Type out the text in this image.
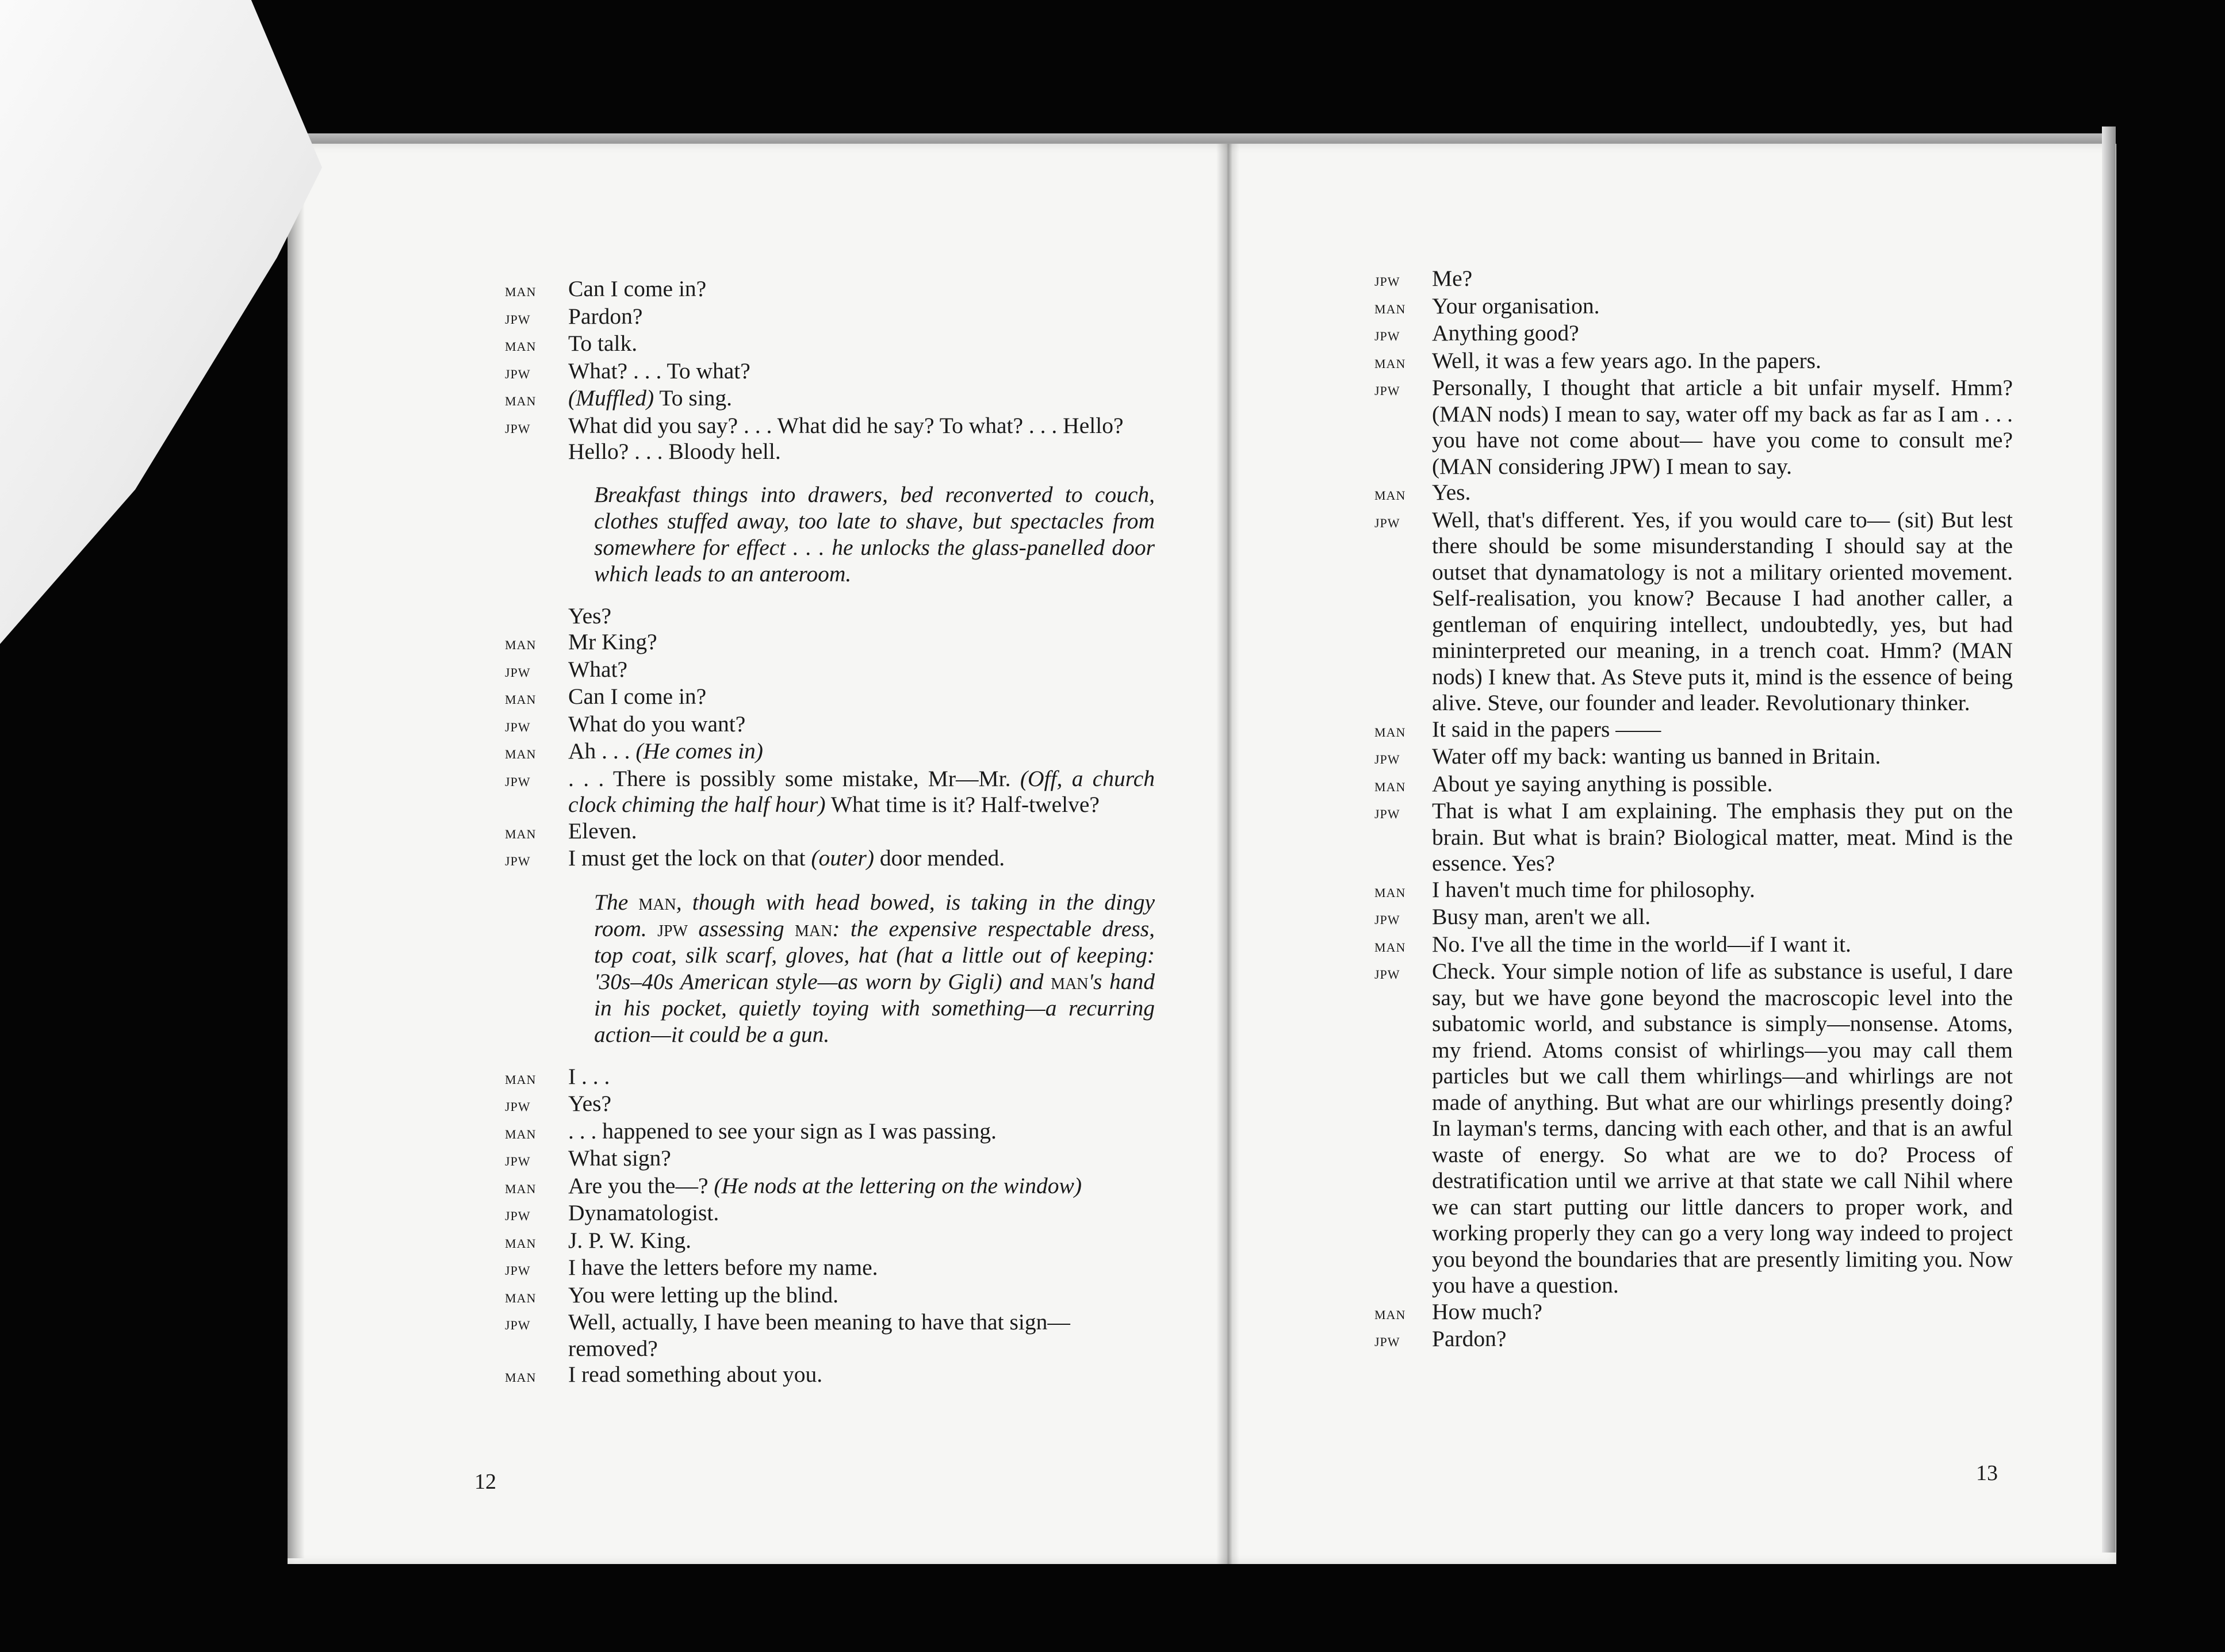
man	Can I come in?
jpw	Pardon?
man	To talk.
jpw	What? . . . To what?
man	(Muffled) To sing.
jpw	What did you say? . . . What did he say? To what? . . . Hello? Hello? . . . Bloody hell.
Breakfast things into drawers, bed reconverted to couch, clothes stuffed away, too late to shave, but spectacles from somewhere for effect . . . he unlocks the glass-panelled door which leads to an anteroom.
Yes?
man	Mr King?
jpw	What?
man	Can I come in?
jpw	What do you want?
man	Ah . . . (He comes in)
jpw	. . . There is possibly some mistake, Mr—Mr. (Off, a church clock chiming the half hour) What time is it? Half-twelve?
man	Eleven.
jpw	I must get the lock on that (outer) door mended.
The man, though with head bowed, is taking in the dingy room. jpw assessing man: the expensive respectable dress, top coat, silk scarf, gloves, hat (hat a little out of keeping: '30s–40s American style—as worn by Gigli) and man's hand in his pocket, quietly toying with something—a recurring action—it could be a gun.
man	I . . .
jpw	Yes?
man	. . . happened to see your sign as I was passing.
jpw	What sign?
man	Are you the—? (He nods at the lettering on the window)
jpw	Dynamatologist.
man	J. P. W. King.
jpw	I have the letters before my name.
man	You were letting up the blind.
jpw	Well, actually, I have been meaning to have that sign—removed?
man	I read something about you.
12
jpw	Me?
man	Your organisation.
jpw	Anything good?
man	Well, it was a few years ago. In the papers.
jpw	Personally, I thought that article a bit unfair myself. Hmm? (MAN nods) I mean to say, water off my back as far as I am . . . you have not come about— have you come to consult me? (MAN considering JPW) I mean to say.
man	Yes.
jpw	Well, that's different. Yes, if you would care to— (sit) But lest there should be some misunderstanding I should say at the outset that dynamatology is not a military oriented movement. Self-realisation, you know? Because I had another caller, a gentleman of enquiring intellect, undoubtedly, yes, but had mininterpreted our meaning, in a trench coat. Hmm? (MAN nods) I knew that. As Steve puts it, mind is the essence of being alive. Steve, our founder and leader. Revolutionary thinker.
man	It said in the papers ——
jpw	Water off my back: wanting us banned in Britain.
man	About ye saying anything is possible.
jpw	That is what I am explaining. The emphasis they put on the brain. But what is brain? Biological matter, meat. Mind is the essence. Yes?
man	I haven't much time for philosophy.
jpw	Busy man, aren't we all.
man	No. I've all the time in the world—if I want it.
jpw	Check. Your simple notion of life as substance is useful, I dare say, but we have gone beyond the macroscopic level into the subatomic world, and substance is simply—nonsense. Atoms, my friend. Atoms consist of whirlings—you may call them particles but we call them whirlings—and whirlings are not made of anything. But what are our whirlings presently doing? In layman's terms, dancing with each other, and that is an awful waste of energy. So what are we to do? Process of destratification until we arrive at that state we call Nihil where we can start putting our little dancers to proper work, and working properly they can go a very long way indeed to project you beyond the boundaries that are presently limiting you. Now you have a question.
man	How much?
jpw	Pardon?
13
